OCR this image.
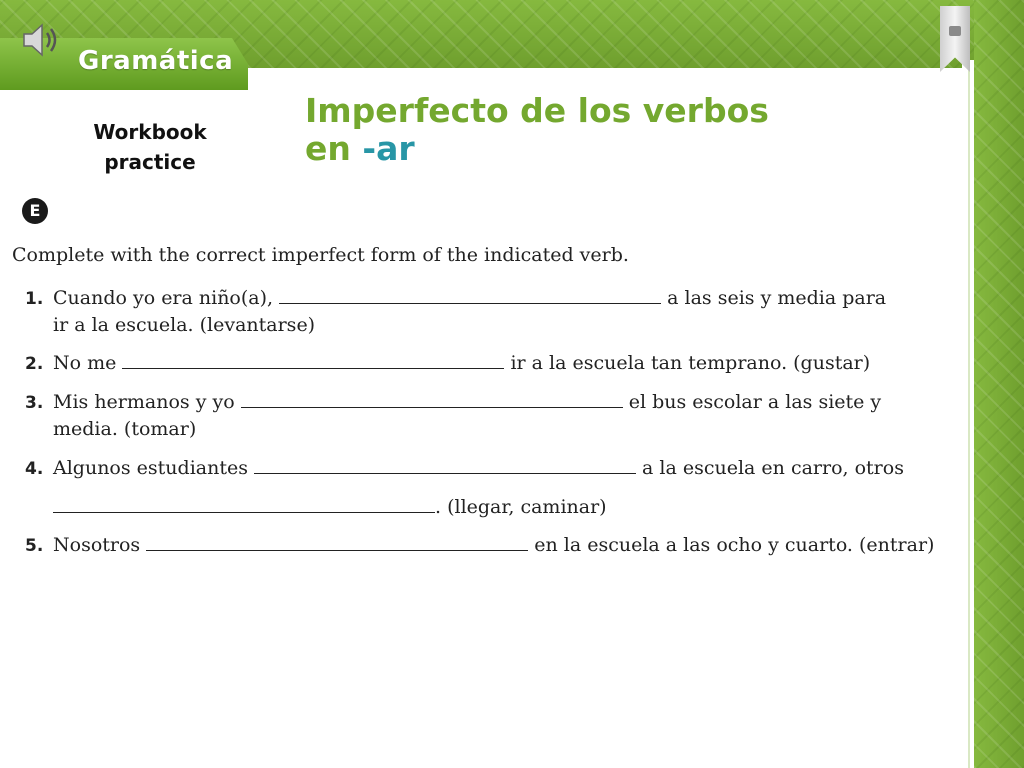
Gramática
Workbook
practice
Imperfecto de los verbos
en -ar
E
Complete with the correct imperfect form of the indicated verb.
1. Cuando yo era niño(a),	a las seis y media para
ir a la escuela. (levantarse)
2. No me	ir a la escuela tan temprano. (gustar)
3. Mis hermanos y yo	el bus escolar a las siete y
media. (tomar)
4. Algunos estudiantes	a la escuela en carro, otros
. (llegar, caminar)
5. Nosotros	en la escuela a las ocho y cuarto. (entrar)
